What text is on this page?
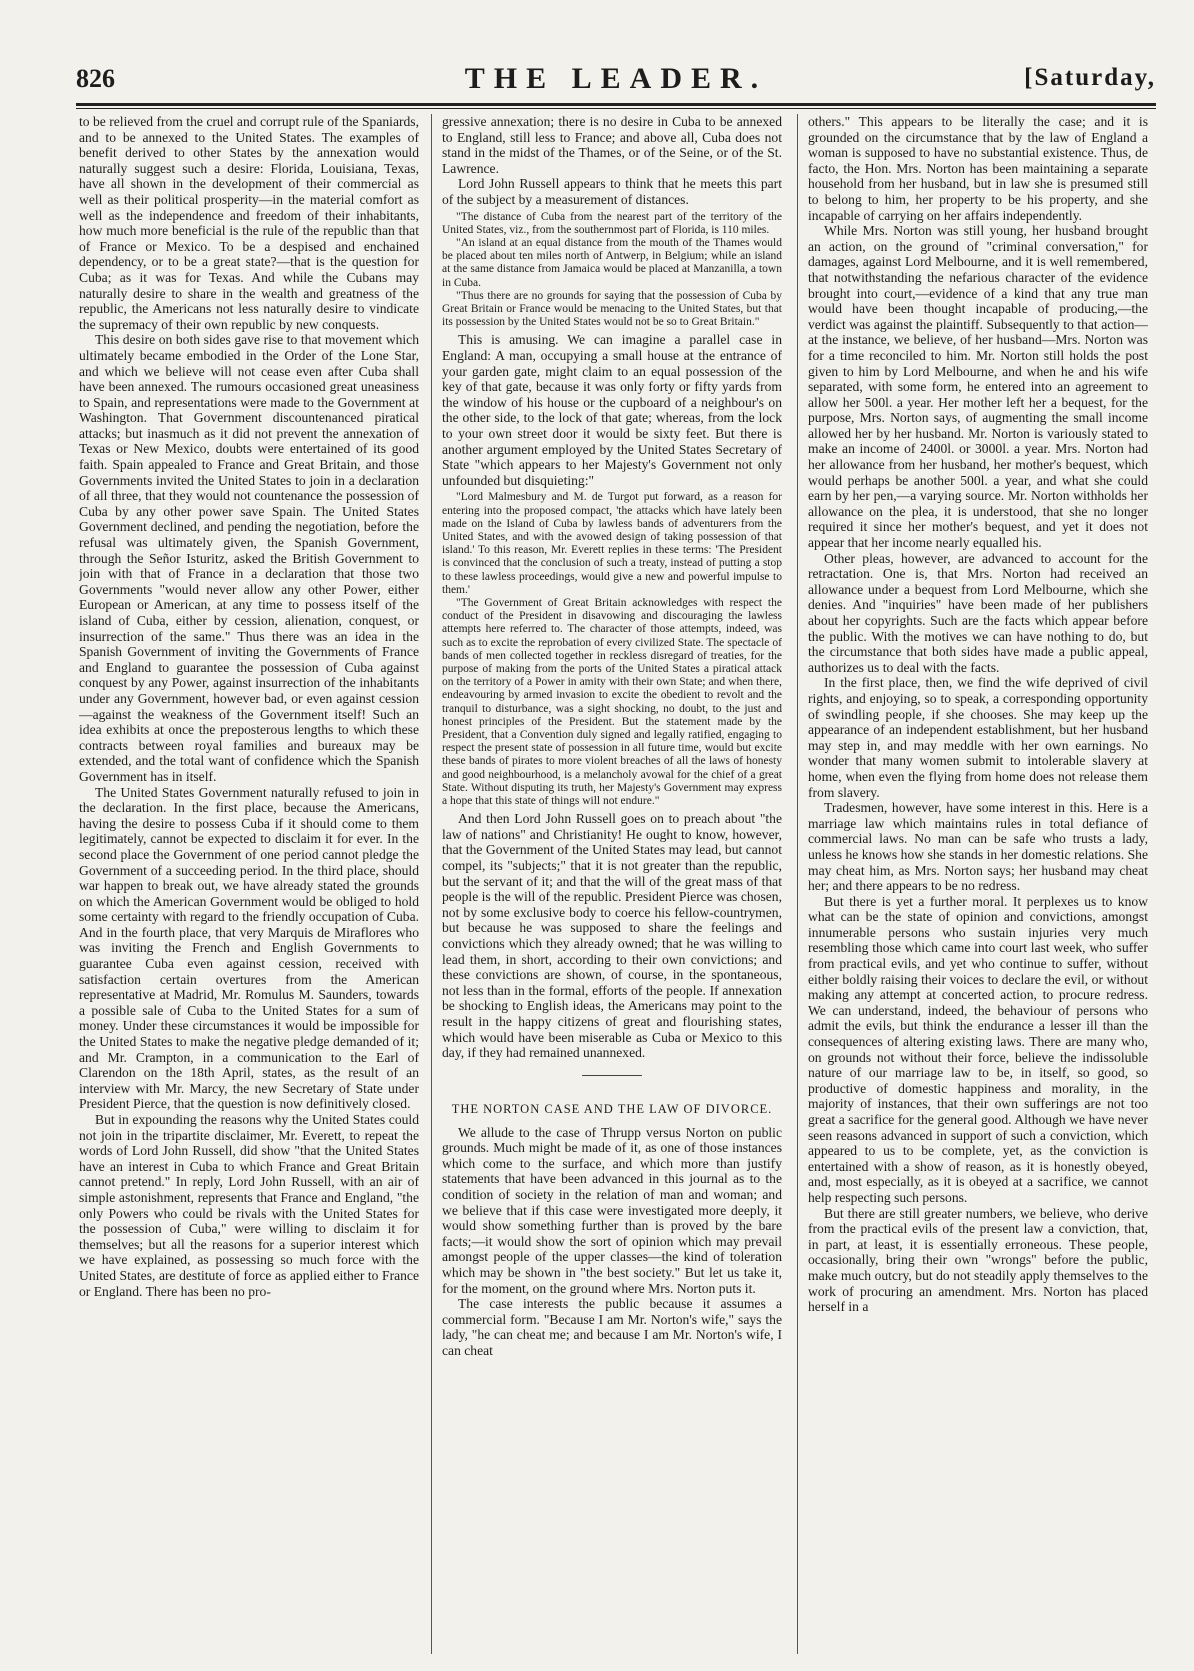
826	THE LEADER.	[Saturday,

to be relieved from the cruel and corrupt rule of the Spaniards, and to be annexed to the United States. The examples of benefit derived to other States by the annexation would naturally suggest such a desire: Florida, Louisiana, Texas, have all shown in the development of their commercial as well as their political prosperity—in the material comfort as well as the independence and freedom of their inhabitants, how much more beneficial is the rule of the republic than that of France or Mexico. To be a despised and enchained dependency, or to be a great state?—that is the question for Cuba; as it was for Texas. And while the Cubans may naturally desire to share in the wealth and greatness of the republic, the Americans not less naturally desire to vindicate the supremacy of their own republic by new conquests.

This desire on both sides gave rise to that movement which ultimately became embodied in the Order of the Lone Star, and which we believe will not cease even after Cuba shall have been annexed. The rumours occasioned great uneasiness to Spain, and representations were made to the Government at Washington. That Government discountenanced piratical attacks; but inasmuch as it did not prevent the annexation of Texas or New Mexico, doubts were entertained of its good faith. Spain appealed to France and Great Britain, and those Governments invited the United States to join in a declaration of all three, that they would not countenance the possession of Cuba by any other power save Spain. The United States Government declined, and pending the negotiation, before the refusal was ultimately given, the Spanish Government, through the Señor Isturitz, asked the British Government to join with that of France in a declaration that those two Governments "would never allow any other Power, either European or American, at any time to possess itself of the island of Cuba, either by cession, alienation, conquest, or insurrection of the same." Thus there was an idea in the Spanish Government of inviting the Governments of France and England to guarantee the possession of Cuba against conquest by any Power, against insurrection of the inhabitants under any Government, however bad, or even against cession—against the weakness of the Government itself! Such an idea exhibits at once the preposterous lengths to which these contracts between royal families and bureaux may be extended, and the total want of confidence which the Spanish Government has in itself.

The United States Government naturally refused to join in the declaration. In the first place, because the Americans, having the desire to possess Cuba if it should come to them legitimately, cannot be expected to disclaim it for ever. In the second place the Government of one period cannot pledge the Government of a succeeding period. In the third place, should war happen to break out, we have already stated the grounds on which the American Government would be obliged to hold some certainty with regard to the friendly occupation of Cuba. And in the fourth place, that very Marquis de Miraflores who was inviting the French and English Governments to guarantee Cuba even against cession, received with satisfaction certain overtures from the American representative at Madrid, Mr. Romulus M. Saunders, towards a possible sale of Cuba to the United States for a sum of money. Under these circumstances it would be impossible for the United States to make the negative pledge demanded of it; and Mr. Crampton, in a communication to the Earl of Clarendon on the 18th April, states, as the result of an interview with Mr. Marcy, the new Secretary of State under President Pierce, that the question is now definitively closed.

But in expounding the reasons why the United States could not join in the tripartite disclaimer, Mr. Everett, to repeat the words of Lord John Russell, did show "that the United States have an interest in Cuba to which France and Great Britain cannot pretend." In reply, Lord John Russell, with an air of simple astonishment, represents that France and England, "the only Powers who could be rivals with the United States for the possession of Cuba," were willing to disclaim it for themselves; but all the reasons for a superior interest which we have explained, as possessing so much force with the United States, are destitute of force as applied either to France or England. There has been no pro-

gressive annexation; there is no desire in Cuba to be annexed to England, still less to France; and above all, Cuba does not stand in the midst of the Thames, or of the Seine, or of the St. Lawrence.

Lord John Russell appears to think that he meets this part of the subject by a measurement of distances.

"The distance of Cuba from the nearest part of the territory of the United States, viz., from the southernmost part of Florida, is 110 miles.

"An island at an equal distance from the mouth of the Thames would be placed about ten miles north of Antwerp, in Belgium; while an island at the same distance from Jamaica would be placed at Manzanilla, a town in Cuba.

"Thus there are no grounds for saying that the possession of Cuba by Great Britain or France would be menacing to the United States, but that its possession by the United States would not be so to Great Britain."

This is amusing. We can imagine a parallel case in England: A man, occupying a small house at the entrance of your garden gate, might claim to an equal possession of the key of that gate, because it was only forty or fifty yards from the window of his house or the cupboard of a neighbour's on the other side, to the lock of that gate; whereas, from the lock to your own street door it would be sixty feet. But there is another argument employed by the United States Secretary of State "which appears to her Majesty's Government not only unfounded but disquieting:"

"Lord Malmesbury and M. de Turgot put forward, as a reason for entering into the proposed compact, 'the attacks which have lately been made on the Island of Cuba by lawless bands of adventurers from the United States, and with the avowed design of taking possession of that island.' To this reason, Mr. Everett replies in these terms: 'The President is convinced that the conclusion of such a treaty, instead of putting a stop to these lawless proceedings, would give a new and powerful impulse to them.'

"The Government of Great Britain acknowledges with respect the conduct of the President in disavowing and discouraging the lawless attempts here referred to. The character of those attempts, indeed, was such as to excite the reprobation of every civilized State. The spectacle of bands of men collected together in reckless disregard of treaties, for the purpose of making from the ports of the United States a piratical attack on the territory of a Power in amity with their own State; and when there, endeavouring by armed invasion to excite the obedient to revolt and the tranquil to disturbance, was a sight shocking, no doubt, to the just and honest principles of the President. But the statement made by the President, that a Convention duly signed and legally ratified, engaging to respect the present state of possession in all future time, would but excite these bands of pirates to more violent breaches of all the laws of honesty and good neighbourhood, is a melancholy avowal for the chief of a great State. Without disputing its truth, her Majesty's Government may express a hope that this state of things will not endure."

And then Lord John Russell goes on to preach about "the law of nations" and Christianity! He ought to know, however, that the Government of the United States may lead, but cannot compel, its "subjects;" that it is not greater than the republic, but the servant of it; and that the will of the great mass of that people is the will of the republic. President Pierce was chosen, not by some exclusive body to coerce his fellow-countrymen, but because he was supposed to share the feelings and convictions which they already owned; that he was willing to lead them, in short, according to their own convictions; and these convictions are shown, of course, in the spontaneous, not less than in the formal, efforts of the people. If annexation be shocking to English ideas, the Americans may point to the result in the happy citizens of great and flourishing states, which would have been miserable as Cuba or Mexico to this day, if they had remained unannexed.

THE NORTON CASE AND THE LAW OF DIVORCE.

We allude to the case of Thrupp versus Norton on public grounds. Much might be made of it, as one of those instances which come to the surface, and which more than justify statements that have been advanced in this journal as to the condition of society in the relation of man and woman; and we believe that if this case were investigated more deeply, it would show something further than is proved by the bare facts;—it would show the sort of opinion which may prevail amongst people of the upper classes—the kind of toleration which may be shown in "the best society." But let us take it, for the moment, on the ground where Mrs. Norton puts it.

The case interests the public because it assumes a commercial form. "Because I am Mr. Norton's wife," says the lady, "he can cheat me; and because I am Mr. Norton's wife, I can cheat

others." This appears to be literally the case; and it is grounded on the circumstance that by the law of England a woman is supposed to have no substantial existence. Thus, de facto, the Hon. Mrs. Norton has been maintaining a separate household from her husband, but in law she is presumed still to belong to him, her property to be his property, and she incapable of carrying on her affairs independently.

While Mrs. Norton was still young, her husband brought an action, on the ground of "criminal conversation," for damages, against Lord Melbourne, and it is well remembered, that notwithstanding the nefarious character of the evidence brought into court,—evidence of a kind that any true man would have been thought incapable of producing,—the verdict was against the plaintiff. Subsequently to that action—at the instance, we believe, of her husband—Mrs. Norton was for a time reconciled to him. Mr. Norton still holds the post given to him by Lord Melbourne, and when he and his wife separated, with some form, he entered into an agreement to allow her 500l. a year. Her mother left her a bequest, for the purpose, Mrs. Norton says, of augmenting the small income allowed her by her husband. Mr. Norton is variously stated to make an income of 2400l. or 3000l. a year. Mrs. Norton had her allowance from her husband, her mother's bequest, which would perhaps be another 500l. a year, and what she could earn by her pen,—a varying source. Mr. Norton withholds her allowance on the plea, it is understood, that she no longer required it since her mother's bequest, and yet it does not appear that her income nearly equalled his.

Other pleas, however, are advanced to account for the retractation. One is, that Mrs. Norton had received an allowance under a bequest from Lord Melbourne, which she denies. And "inquiries" have been made of her publishers about her copyrights. Such are the facts which appear before the public. With the motives we can have nothing to do, but the circumstance that both sides have made a public appeal, authorizes us to deal with the facts.

In the first place, then, we find the wife deprived of civil rights, and enjoying, so to speak, a corresponding opportunity of swindling people, if she chooses. She may keep up the appearance of an independent establishment, but her husband may step in, and may meddle with her own earnings. No wonder that many women submit to intolerable slavery at home, when even the flying from home does not release them from slavery.

Tradesmen, however, have some interest in this. Here is a marriage law which maintains rules in total defiance of commercial laws. No man can be safe who trusts a lady, unless he knows how she stands in her domestic relations. She may cheat him, as Mrs. Norton says; her husband may cheat her; and there appears to be no redress.

But there is yet a further moral. It perplexes us to know what can be the state of opinion and convictions, amongst innumerable persons who sustain injuries very much resembling those which came into court last week, who suffer from practical evils, and yet who continue to suffer, without either boldly raising their voices to declare the evil, or without making any attempt at concerted action, to procure redress. We can understand, indeed, the behaviour of persons who admit the evils, but think the endurance a lesser ill than the consequences of altering existing laws. There are many who, on grounds not without their force, believe the indissoluble nature of our marriage law to be, in itself, so good, so productive of domestic happiness and morality, in the majority of instances, that their own sufferings are not too great a sacrifice for the general good. Although we have never seen reasons advanced in support of such a conviction, which appeared to us to be complete, yet, as the conviction is entertained with a show of reason, as it is honestly obeyed, and, most especially, as it is obeyed at a sacrifice, we cannot help respecting such persons.

But there are still greater numbers, we believe, who derive from the practical evils of the present law a conviction, that, in part, at least, it is essentially erroneous. These people, occasionally, bring their own "wrongs" before the public, make much outcry, but do not steadily apply themselves to the work of procuring an amendment. Mrs. Norton has placed herself in a
